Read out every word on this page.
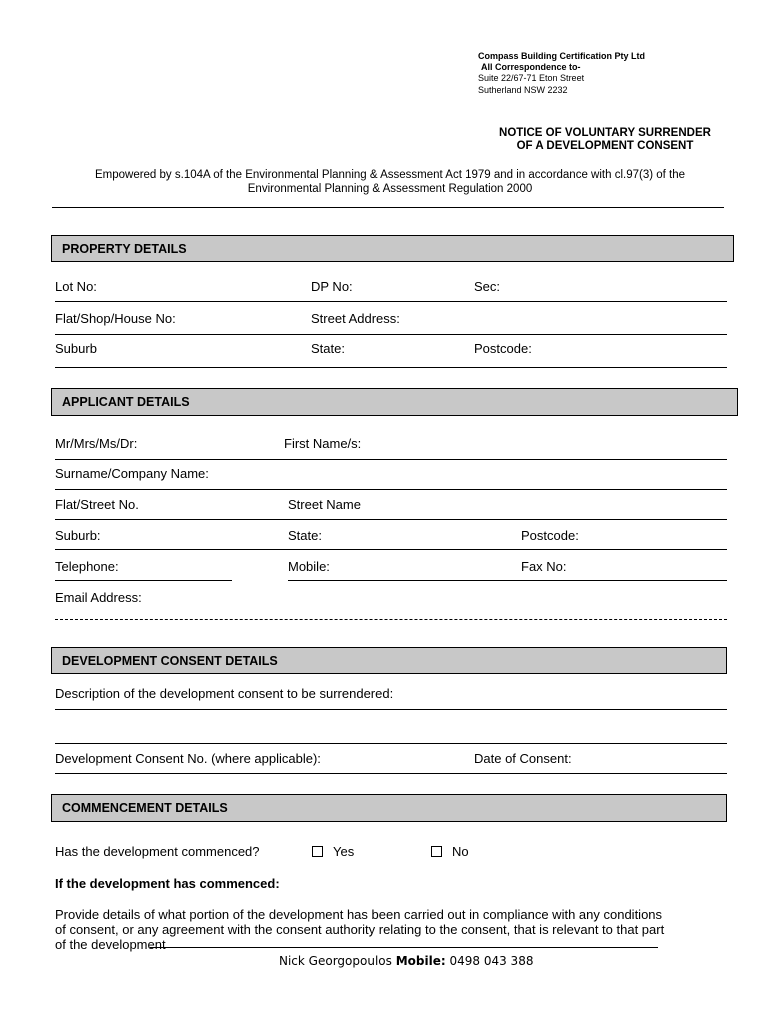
Compass Building Certification Pty Ltd
All Correspondence to-
Suite 22/67-71 Eton Street
Sutherland NSW 2232
NOTICE OF VOLUNTARY SURRENDER
OF A DEVELOPMENT CONSENT
Empowered by s.104A of the Environmental Planning & Assessment Act 1979 and in accordance with cl.97(3) of the
Environmental Planning & Assessment Regulation 2000
PROPERTY DETAILS
Lot No:	DP No:	Sec:
Flat/Shop/House No:	Street Address:
Suburb	State:	Postcode:
APPLICANT DETAILS
Mr/Mrs/Ms/Dr:	First Name/s:
Surname/Company Name:
Flat/Street No.	Street Name
Suburb:	State:	Postcode:
Telephone:	Mobile:	Fax No:
Email Address:
DEVELOPMENT CONSENT DETAILS
Description of the development consent to be surrendered:
Development Consent No. (where applicable):	Date of Consent:
COMMENCEMENT DETAILS
Has the development commenced?	Yes	No
If the development has commenced:
Provide details of what portion of the development has been carried out in compliance with any conditions
of consent, or any agreement with the consent authority relating to the consent, that is relevant to that part
of the development
Nick Georgopoulos Mobile: 0498 043 388
